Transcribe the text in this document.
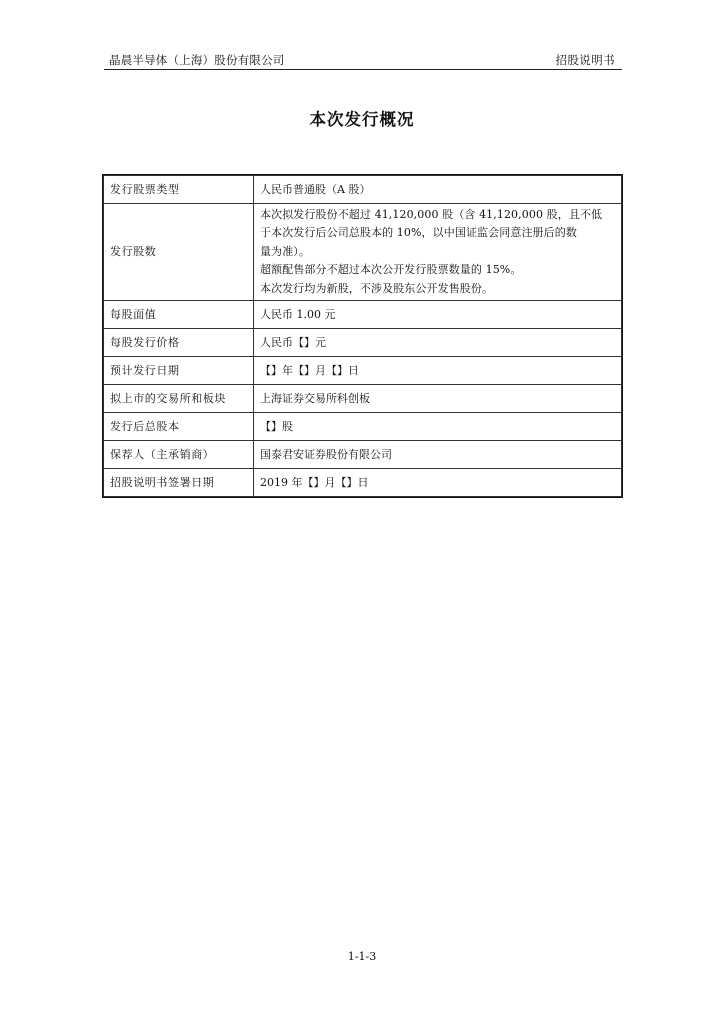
晶晨半导体（上海）股份有限公司	招股说明书
本次发行概况
发行股票类型	人民币普通股（A 股）
发行股数	本次拟发行股份不超过 41,120,000 股（含 41,120,000 股，且不低
于本次发行后公司总股本的 10%，以中国证监会同意注册后的数
量为准）。
超额配售部分不超过本次公开发行股票数量的 15%。
本次发行均为新股，不涉及股东公开发售股份。

每股面值	人民币 1.00 元
每股发行价格	人民币【】元
预计发行日期	【】年【】月【】日
拟上市的交易所和板块	上海证券交易所科创板
发行后总股本	【】股
保荐人（主承销商）	国泰君安证券股份有限公司
招股说明书签署日期	2019 年【】月【】日
1-1-3
